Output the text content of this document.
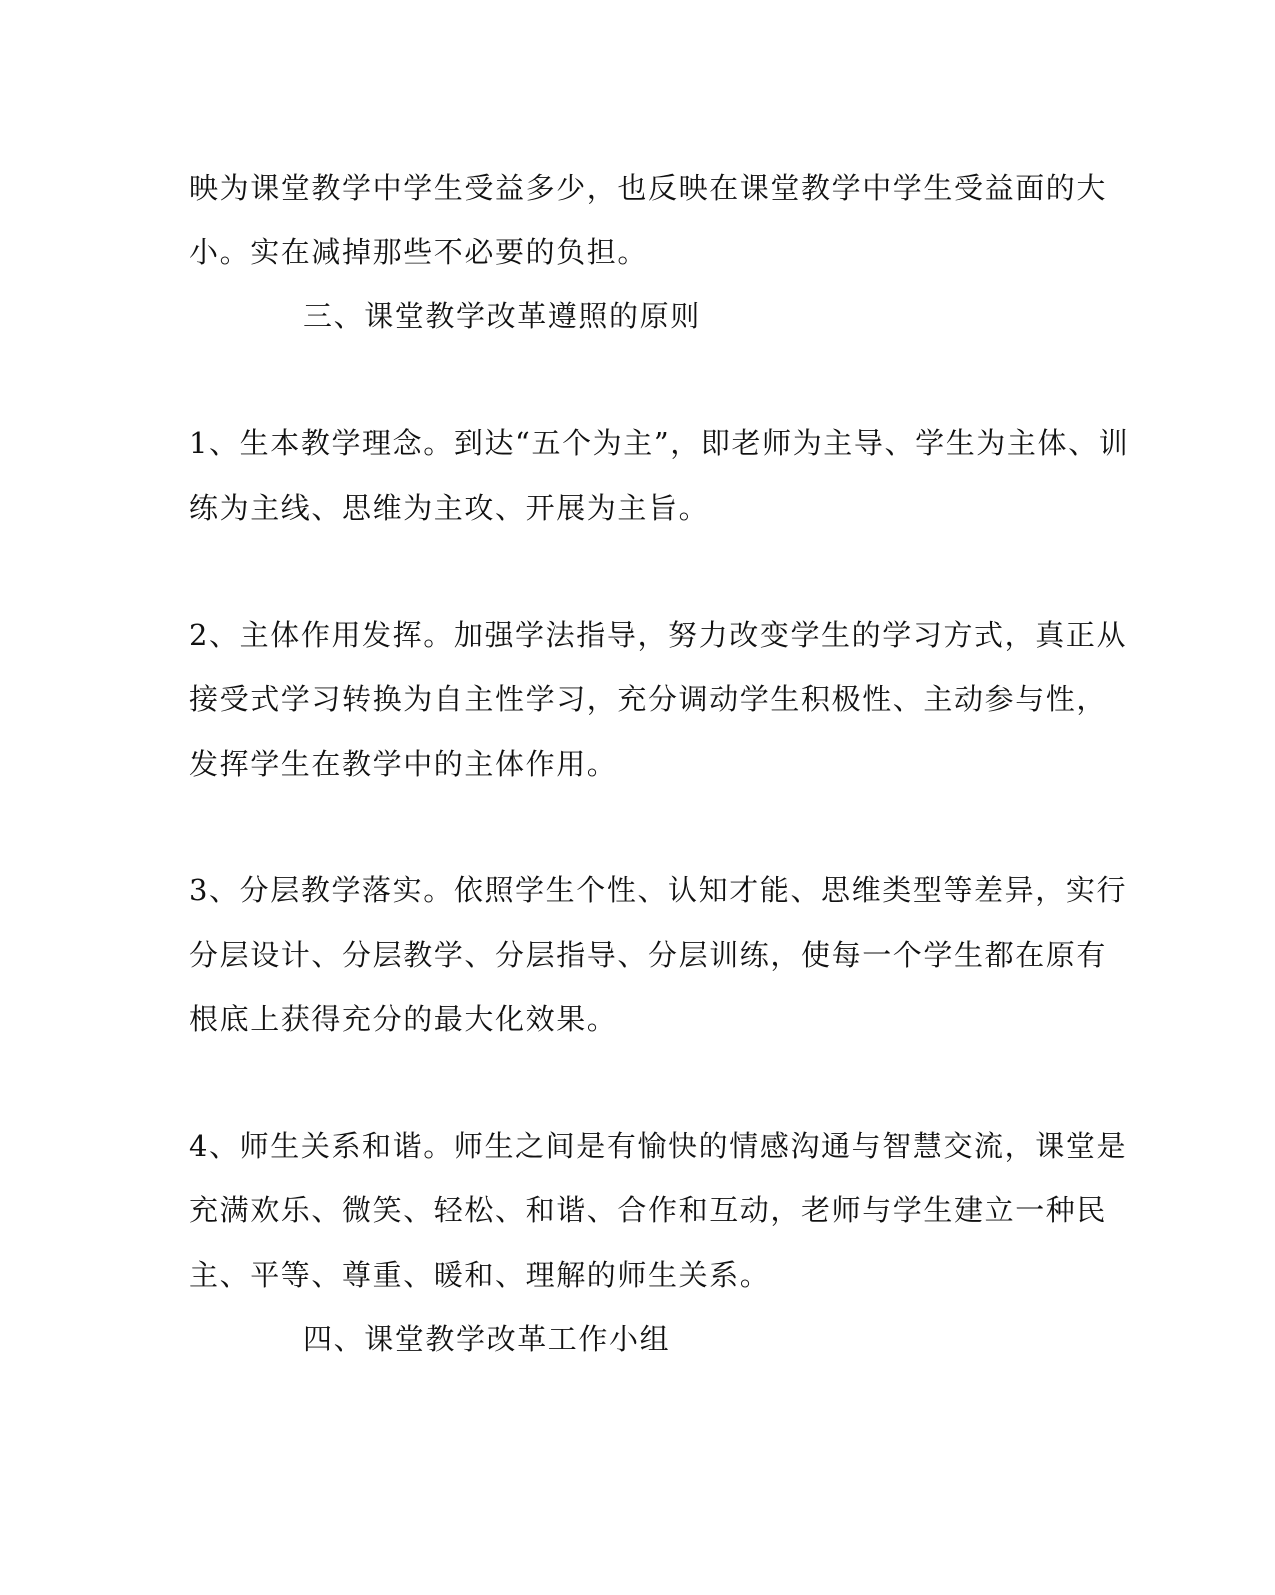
映为课堂教学中学生受益多少，也反映在课堂教学中学生受益面的大
小。实在减掉那些不必要的负担。
三、课堂教学改革遵照的原则
1、生本教学理念。到达“五个为主”，即老师为主导、学生为主体、训
练为主线、思维为主攻、开展为主旨。
2、主体作用发挥。加强学法指导，努力改变学生的学习方式，真正从
接受式学习转换为自主性学习，充分调动学生积极性、主动参与性，
发挥学生在教学中的主体作用。
3、分层教学落实。依照学生个性、认知才能、思维类型等差异，实行
分层设计、分层教学、分层指导、分层训练，使每一个学生都在原有
根底上获得充分的最大化效果。
4、师生关系和谐。师生之间是有愉快的情感沟通与智慧交流，课堂是
充满欢乐、微笑、轻松、和谐、合作和互动，老师与学生建立一种民
主、平等、尊重、暖和、理解的师生关系。
四、课堂教学改革工作小组
